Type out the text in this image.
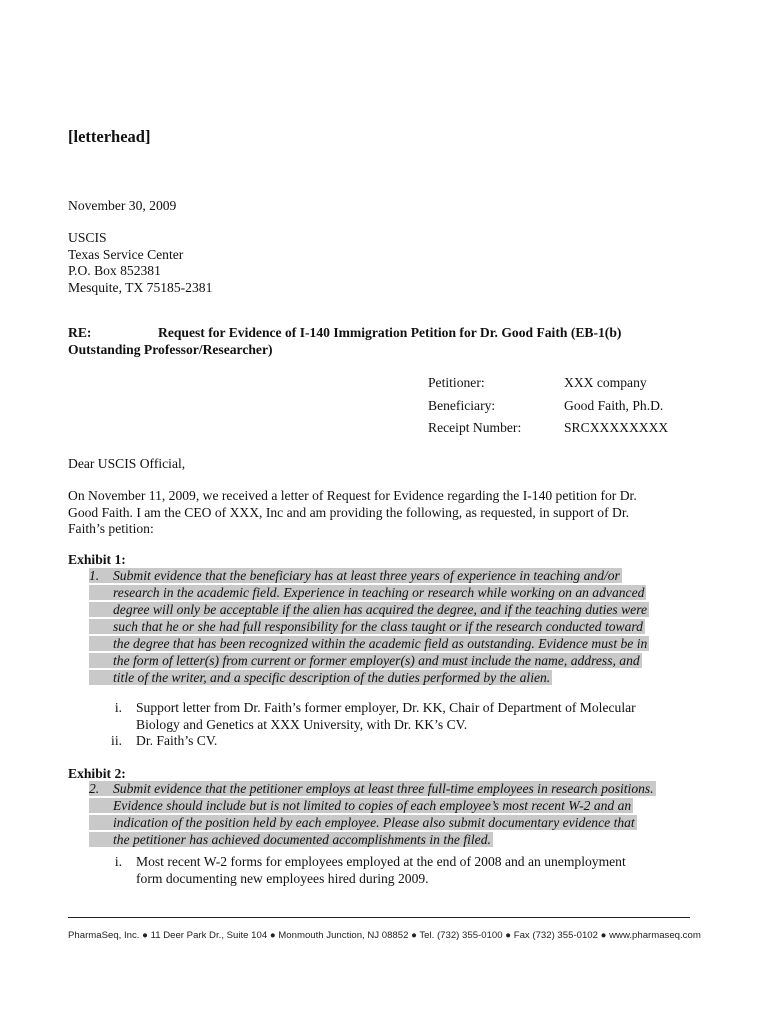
[letterhead]
November 30, 2009
USCIS
Texas Service Center
P.O. Box 852381
Mesquite, TX 75185-2381
RE:	Request for Evidence of I-140 Immigration Petition for Dr. Good Faith (EB-1(b)
Outstanding Professor/Researcher)
Petitioner:	XXX company
Beneficiary:	Good Faith, Ph.D.
Receipt Number:	SRCXXXXXXXX
Dear USCIS Official,
On November 11, 2009, we received a letter of Request for Evidence regarding the I-140 petition for Dr.
Good Faith. I am the CEO of XXX, Inc and am providing the following, as requested, in support of Dr.
Faith’s petition:
Exhibit 1:
1. Submit evidence that the beneficiary has at least three years of experience in teaching and/or
research in the academic field. Experience in teaching or research while working on an advanced
degree will only be acceptable if the alien has acquired the degree, and if the teaching duties were
such that he or she had full responsibility for the class taught or if the research conducted toward
the degree that has been recognized within the academic field as outstanding. Evidence must be in
the form of letter(s) from current or former employer(s) and must include the name, address, and
title of the writer, and a specific description of the duties performed by the alien.
i.	Support letter from Dr. Faith’s former employer, Dr. KK, Chair of Department of Molecular
Biology and Genetics at XXX University, with Dr. KK’s CV.
ii.	Dr. Faith’s CV.
Exhibit 2:
2. Submit evidence that the petitioner employs at least three full-time employees in research positions.
Evidence should include but is not limited to copies of each employee’s most recent W-2 and an
indication of the position held by each employee. Please also submit documentary evidence that
the petitioner has achieved documented accomplishments in the filed.
i.	Most recent W-2 forms for employees employed at the end of 2008 and an unemployment
form documenting new employees hired during 2009.
PharmaSeq, Inc. ● 11 Deer Park Dr., Suite 104 ● Monmouth Junction, NJ 08852 ● Tel. (732) 355-0100 ● Fax (732) 355-0102 ● www.pharmaseq.com
